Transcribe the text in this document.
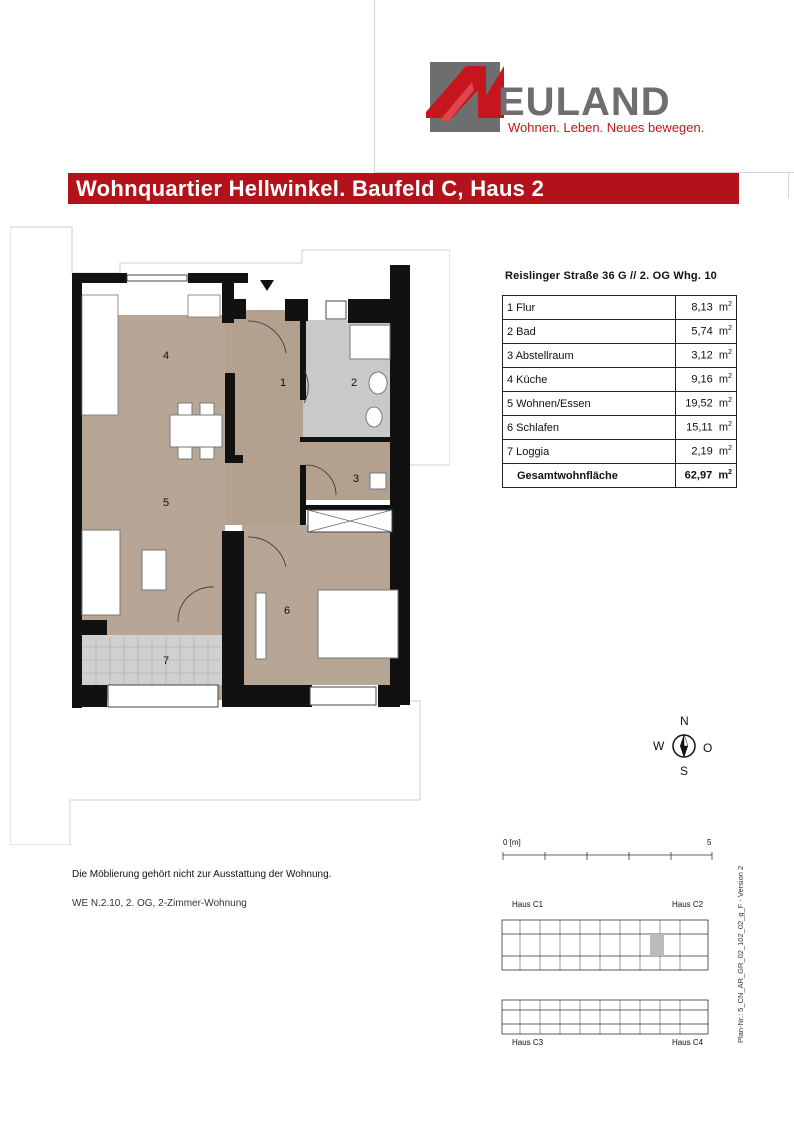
EULAND
Wohnen. Leben. Neues bewegen.
Wohnquartier Hellwinkel. Baufeld C, Haus 2
4
5
1	2
3
6
7
Reislinger Straße 36 G // 2. OG Whg. 10
1 Flur	8,13 $m^2$
2 Bad	5,74 $m^2$
3 Abstellraum	3,12 $m^2$
4 Küche	9,16 $m^2$
5 Wohnen/Essen	19,52 $m^2$
6 Schlafen	15,11 $m^2$
7 Loggia	2,19 $m^2$
Gesamtwohnfläche	62,97 $m^2$
N
S
W	O
0 [m]	5
Die Möblierung gehört nicht zur Ausstattung der Wohnung.
WE N.2.10, 2. OG, 2-Zimmer-Wohnung	Haus C1	Haus C2
Haus C3	Haus C4	Plan-Nr.: 5_CN_AR_GR_02_102_02_g_F - Version 2
